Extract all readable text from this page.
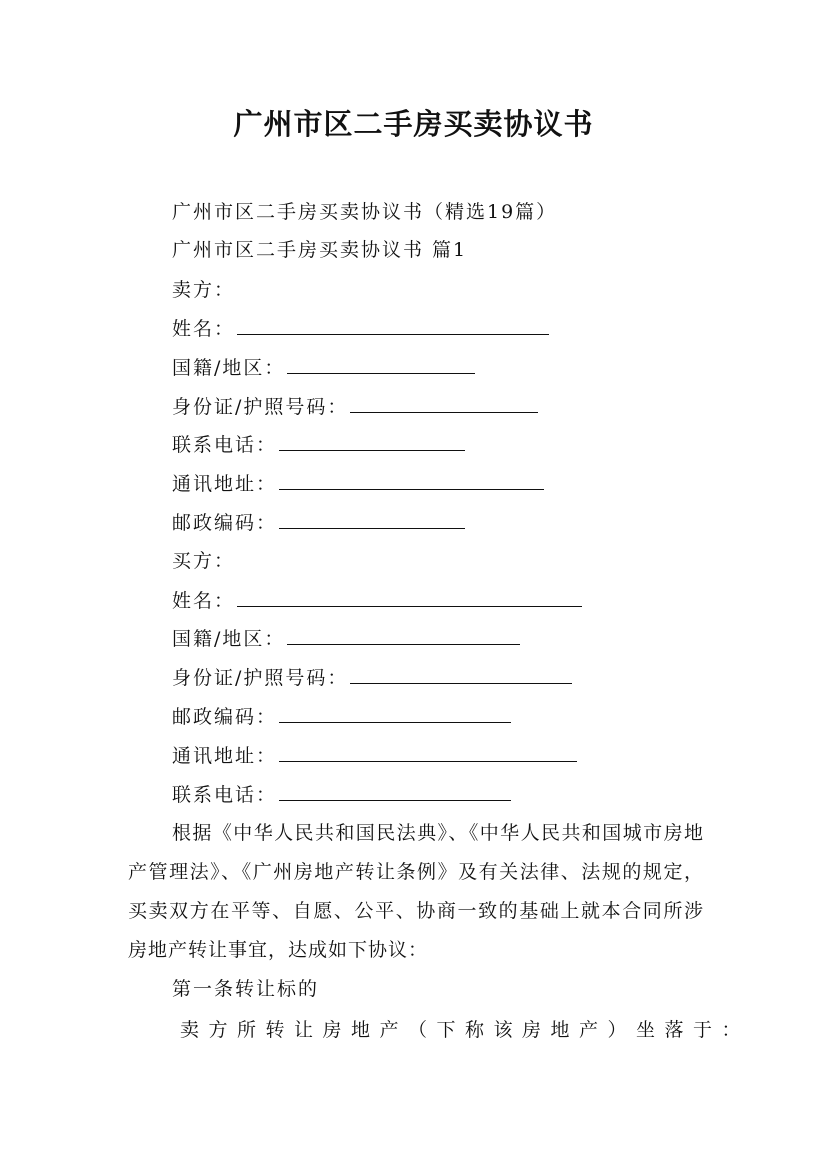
广州市区二手房买卖协议书
广州市区二手房买卖协议书（精选19篇）
广州市区二手房买卖协议书 篇1
卖方：
姓名：
国籍/地区：
身份证/护照号码：
联系电话：
通讯地址：
邮政编码：
买方：
姓名：
国籍/地区：
身份证/护照号码：
邮政编码：
通讯地址：
联系电话：

根据《中华人民共和国民法典》、《中华人民共和国城市房地产管理法》、《广州房地产转让条例》及有关法律、法规的规定，买卖双方在平等、自愿、公平、协商一致的基础上就本合同所涉房地产转让事宜，达成如下协议：

第一条转让标的
卖方所转让房地产（下称该房地产）坐落于：
